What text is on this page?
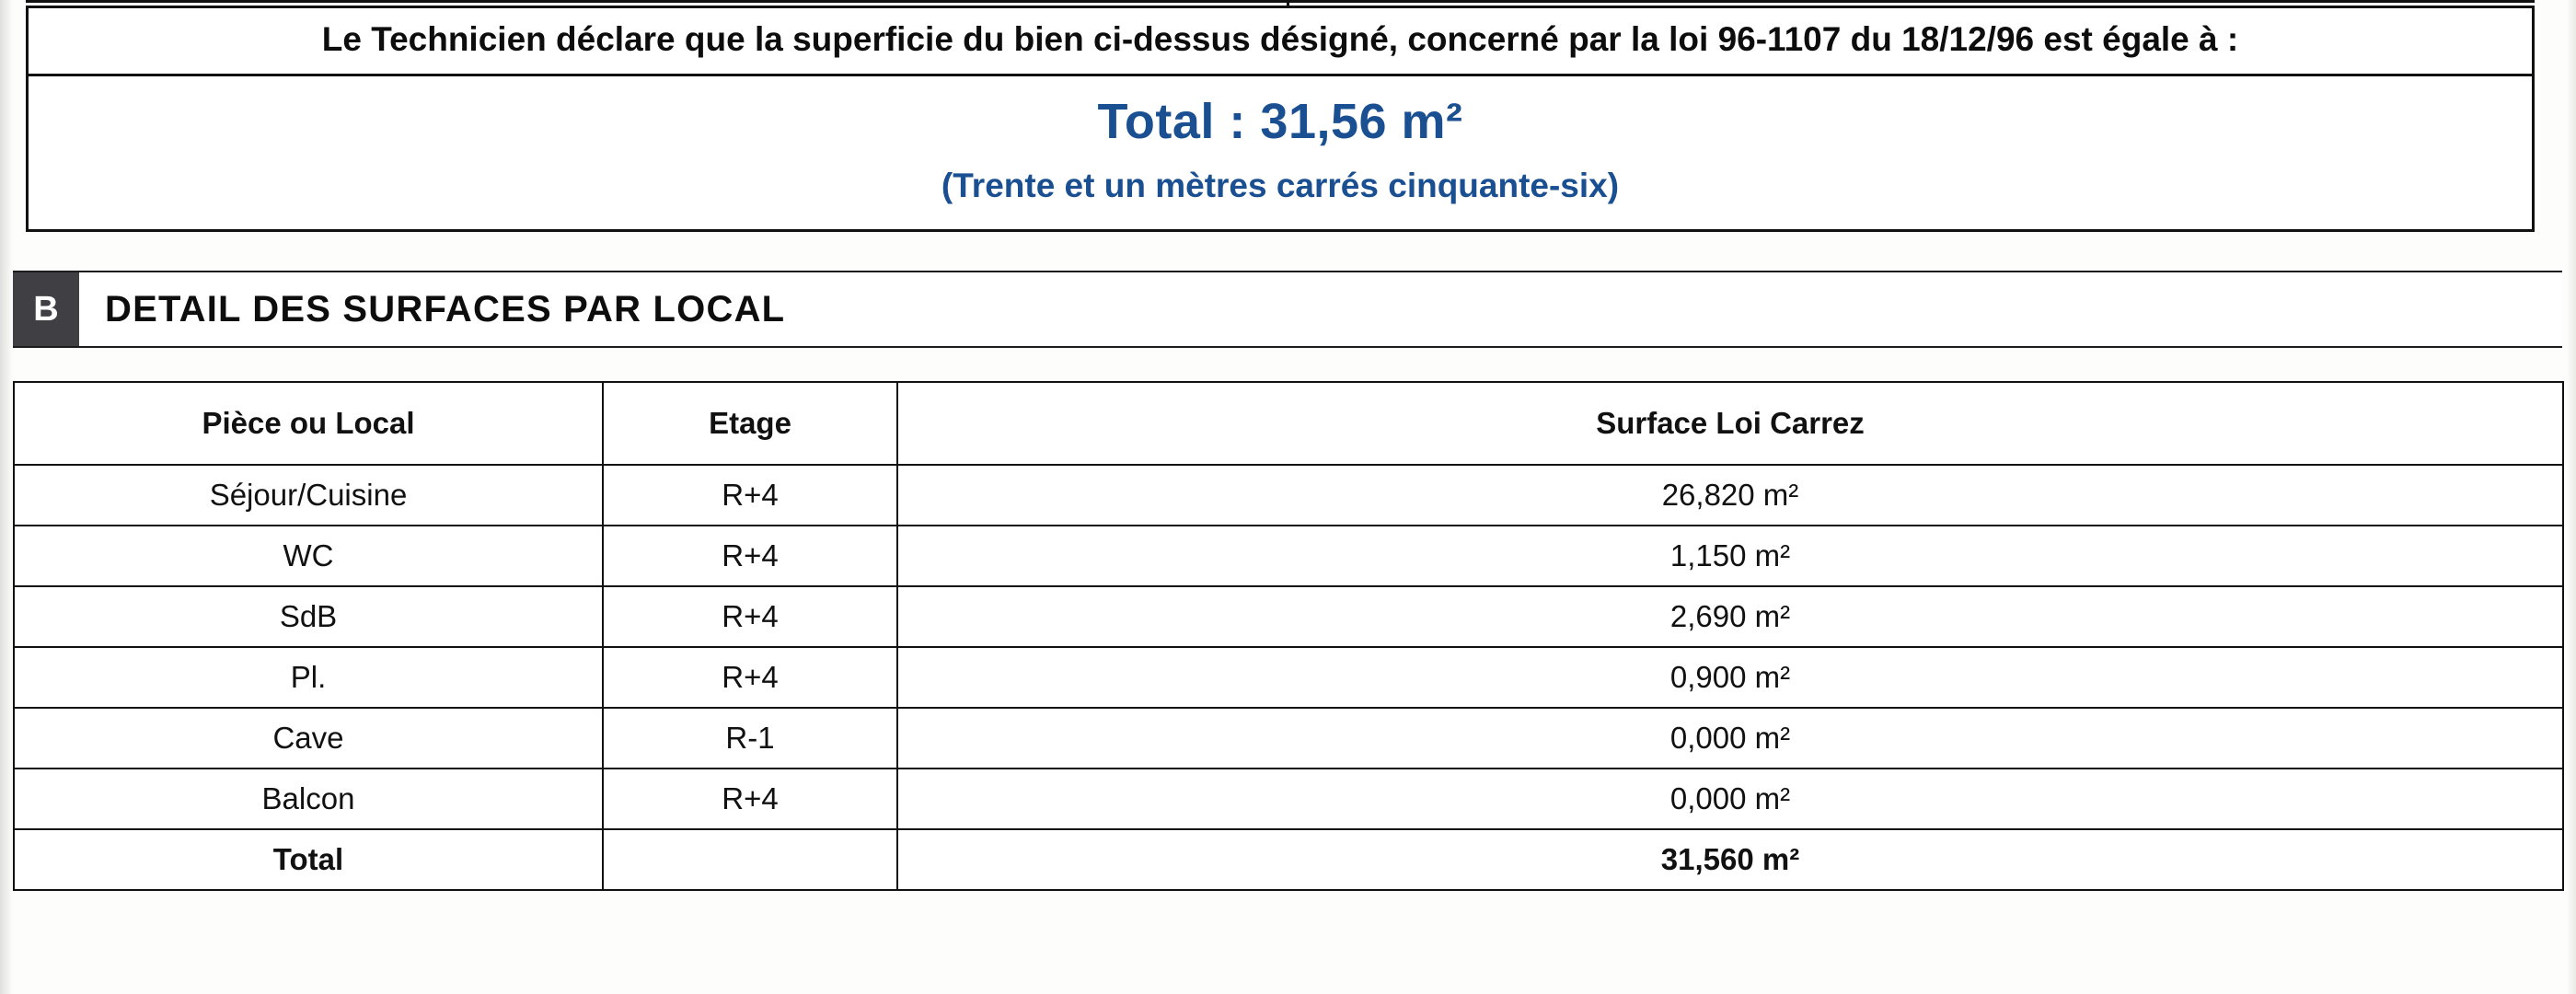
Le Technicien déclare que la superficie du bien ci-dessus désigné, concerné par la loi 96-1107 du 18/12/96 est égale à :
Total : 31,56 m²
(Trente et un mètres carrés cinquante-six)
B	DETAIL DES SURFACES PAR LOCAL
Pièce ou Local	Etage	Surface Loi Carrez
Séjour/Cuisine	R+4	26,820 m²
WC	R+4	1,150 m²
SdB	R+4	2,690 m²
Pl.	R+4	0,900 m²
Cave	R-1	0,000 m²
Balcon	R+4	0,000 m²
Total		31,560 m²
